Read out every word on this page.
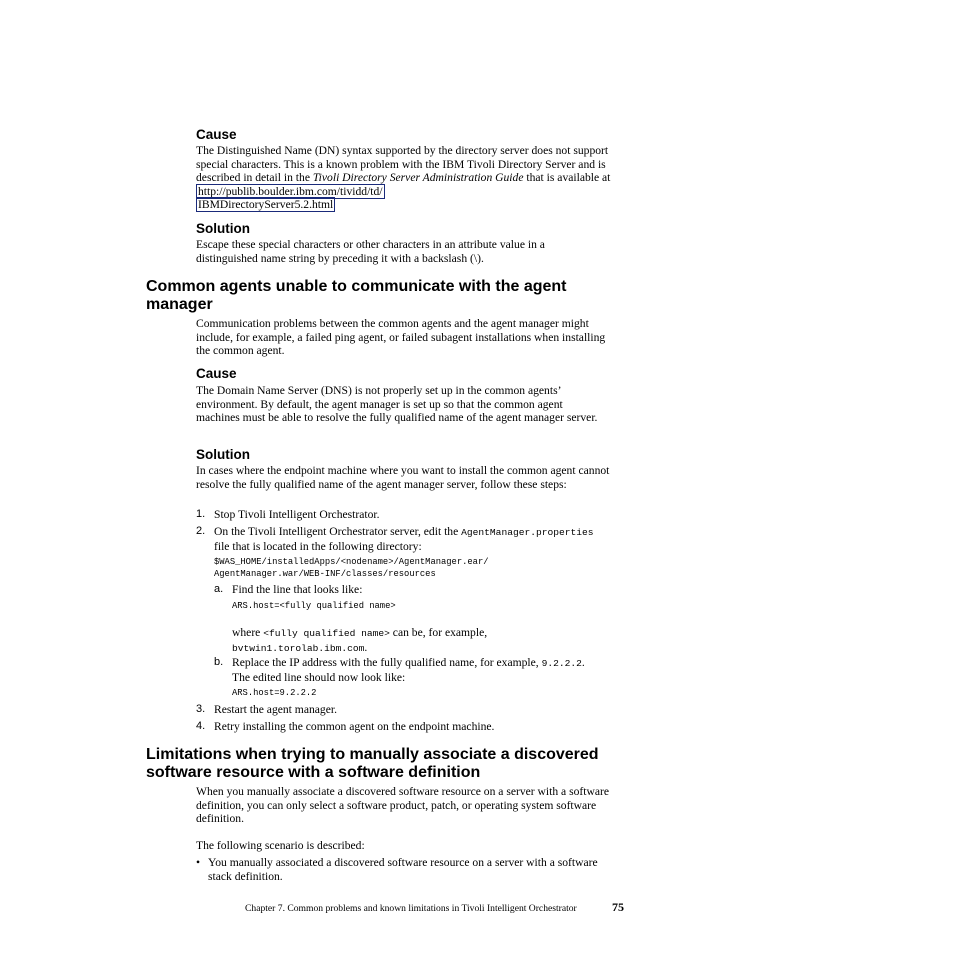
Cause

The Distinguished Name (DN) syntax supported by the directory server does not support special characters. This is a known problem with the IBM Tivoli Directory Server and is described in detail in the Tivoli Directory Server Administration Guide that is available at http://publib.boulder.ibm.com/tividd/td/
IBMDirectoryServer5.2.html

Solution

Escape these special characters or other characters in an attribute value in a distinguished name string by preceding it with a backslash (\).

Common agents unable to communicate with the agent manager

Communication problems between the common agents and the agent manager might include, for example, a failed ping agent, or failed subagent installations when installing the common agent.

Cause

The Domain Name Server (DNS) is not properly set up in the common agents’ environment. By default, the agent manager is set up so that the common agent machines must be able to resolve the fully qualified name of the agent manager server.

Solution

In cases where the endpoint machine where you want to install the common agent cannot resolve the fully qualified name of the agent manager server, follow these steps:

1. Stop Tivoli Intelligent Orchestrator.

2. On the Tivoli Intelligent Orchestrator server, edit the AgentManager.properties
file that is located in the following directory:

$WAS_HOME/installedApps/<nodename>/AgentManager.ear/
AgentManager.war/WEB-INF/classes/resources
a. Find the line that looks like:

ARS.host=<fully qualified name>

where <fully qualified name> can be, for example,
bvtwin1.torolab.ibm.com.

b. Replace the IP address with the fully qualified name, for example, 9.2.2.2.
The edited line should now look like:

ARS.host=9.2.2.2
3. Restart the agent manager.

4. Retry installing the common agent on the endpoint machine.

Limitations when trying to manually associate a discovered software resource with a software definition

When you manually associate a discovered software resource on a server with a software definition, you can only select a software product, patch, or operating system software definition.

The following scenario is described:

• You manually associated a discovered software resource on a server with a software stack definition.

Chapter 7. Common problems and known limitations in Tivoli Intelligent Orchestrator	75
